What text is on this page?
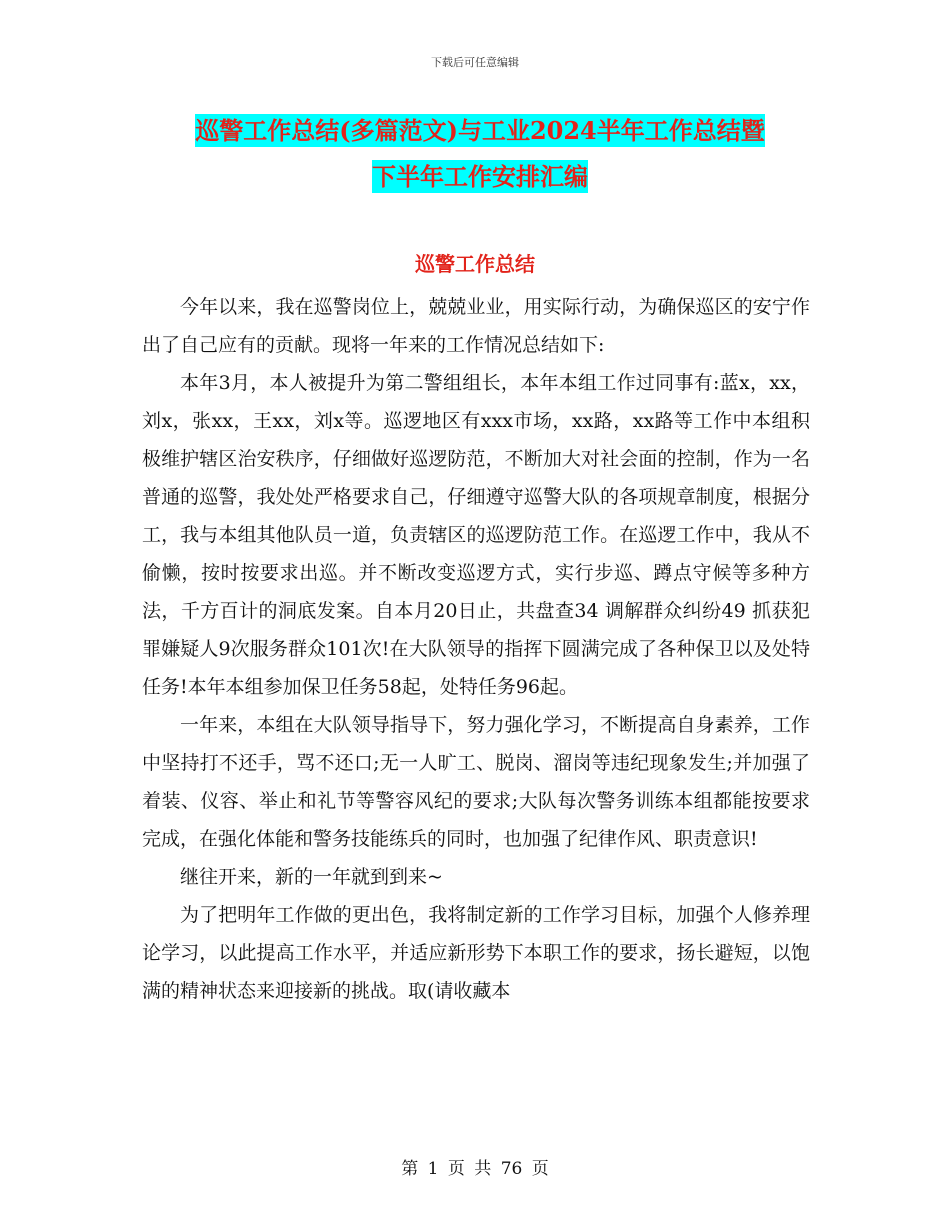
下载后可任意编辑
巡警工作总结(多篇范文)与工业2024半年工作总结暨
下半年工作安排汇编
巡警工作总结

今年以来，我在巡警岗位上，兢兢业业，用实际行动，为确保巡区的安宁作出了自己应有的贡献。现将一年来的工作情况总结如下:

本年3月，本人被提升为第二警组组长，本年本组工作过同事有:蓝x，xx，刘x，张xx，王xx，刘x等。巡逻地区有xxx市场，xx路，xx路等工作中本组积极维护辖区治安秩序，仔细做好巡逻防范，不断加大对社会面的控制，作为一名普通的巡警，我处处严格要求自己，仔细遵守巡警大队的各项规章制度，根据分工，我与本组其他队员一道，负责辖区的巡逻防范工作。在巡逻工作中，我从不偷懒，按时按要求出巡。并不断改变巡逻方式，实行步巡、蹲点守候等多种方法，千方百计的洞底发案。自本月20日止，共盘查34 调解群众纠纷49 抓获犯罪嫌疑人9次服务群众101次!在大队领导的指挥下圆满完成了各种保卫以及处特任务!本年本组参加保卫任务58起，处特任务96起。

一年来，本组在大队领导指导下，努力强化学习，不断提高自身素养，工作中坚持打不还手，骂不还口;无一人旷工、脱岗、溜岗等违纪现象发生;并加强了着装、仪容、举止和礼节等警容风纪的要求;大队每次警务训练本组都能按要求完成，在强化体能和警务技能练兵的同时，也加强了纪律作风、职责意识!

继往开来，新的一年就到到来~

为了把明年工作做的更出色，我将制定新的工作学习目标，加强个人修养理论学习，以此提高工作水平，并适应新形势下本职工作的要求，扬长避短，以饱满的精神状态来迎接新的挑战。取(请收藏本

第 1 页 共 76 页
